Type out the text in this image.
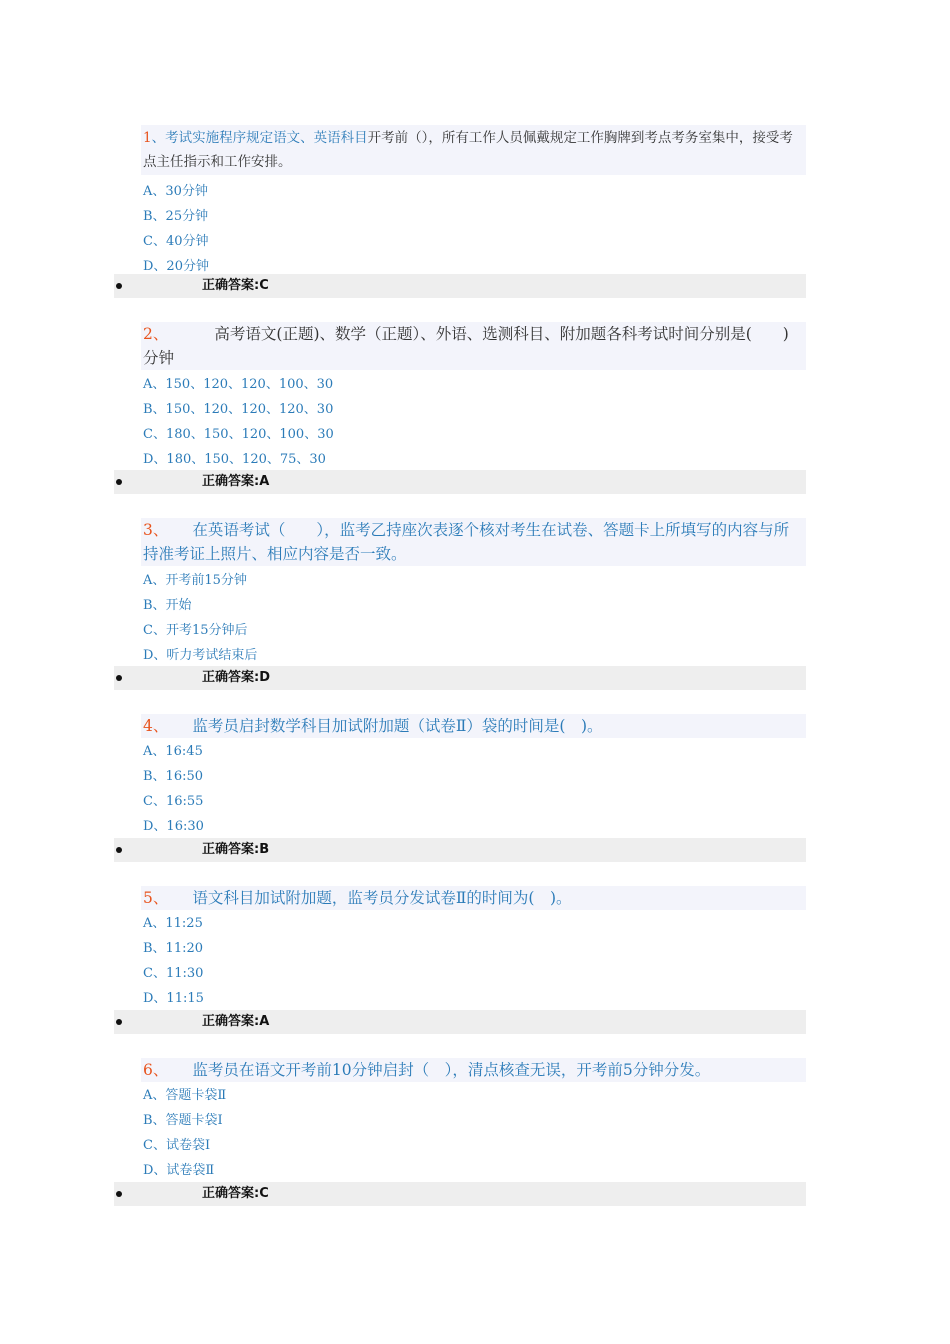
1、考试实施程序规定语文、英语科目开考前（），所有工作人员佩戴规定工作胸牌到考点考务室集中，接受考点主任指示和工作安排。
A、30分钟
B、25分钟
C、40分钟
D、20分钟
正确答案:C
2、	高考语文(正题)、数学（正题）、外语、选测科目、附加题各科考试时间分别是(　　)分钟
A、150、120、120、100、30
B、150、120、120、120、30
C、180、150、120、100、30
D、180、150、120、75、30
正确答案:A
3、 在英语考试（　　），监考乙持座次表逐个核对考生在试卷、答题卡上所填写的内容与所持准考证上照片、相应内容是否一致。
A、开考前15分钟
B、开始
C、开考15分钟后
D、听力考试结束后
正确答案:D
4、 监考员启封数学科目加试附加题（试卷Ⅱ）袋的时间是(　)。
A、16:45
B、16:50
C、16:55
D、16:30
正确答案:B
5、 语文科目加试附加题，监考员分发试卷Ⅱ的时间为(　)。
A、11:25
B、11:20
C、11:30
D、11:15
正确答案:A
6、 监考员在语文开考前10分钟启封（　），清点核查无误，开考前5分钟分发。
A、答题卡袋Ⅱ
B、答题卡袋Ⅰ
C、试卷袋Ⅰ
D、试卷袋Ⅱ
正确答案:C
